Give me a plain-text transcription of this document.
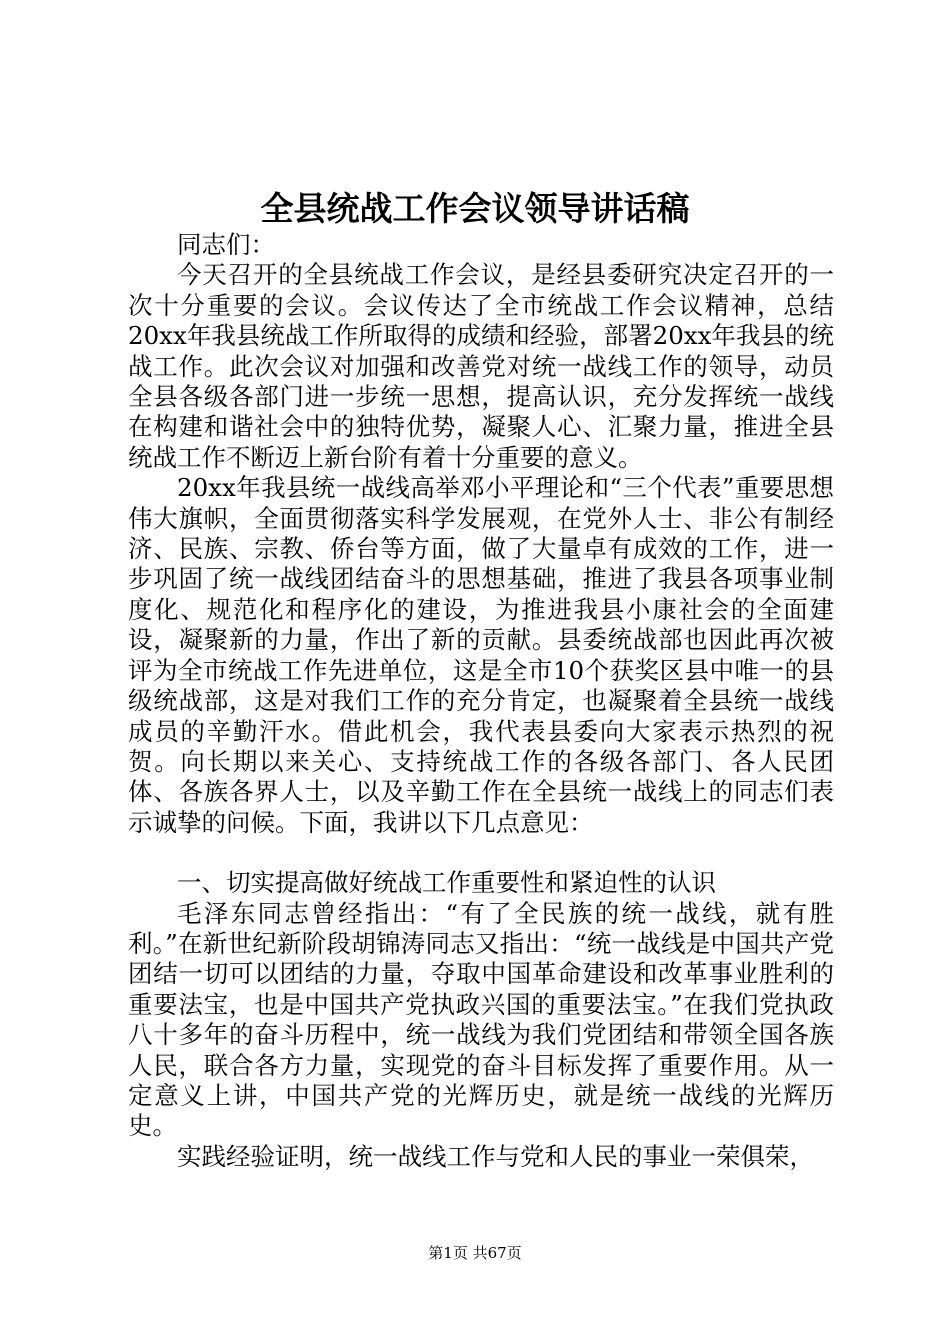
全县统战工作会议领导讲话稿

同志们：

今天召开的全县统战工作会议，是经县委研究决定召开的一次十分重要的会议。会议传达了全市统战工作会议精神，总结20xx年我县统战工作所取得的成绩和经验，部署20xx年我县的统战工作。此次会议对加强和改善党对统一战线工作的领导，动员全县各级各部门进一步统一思想，提高认识，充分发挥统一战线在构建和谐社会中的独特优势，凝聚人心、汇聚力量，推进全县统战工作不断迈上新台阶有着十分重要的意义。

20xx年我县统一战线高举邓小平理论和“三个代表”重要思想伟大旗帜，全面贯彻落实科学发展观，在党外人士、非公有制经济、民族、宗教、侨台等方面，做了大量卓有成效的工作，进一步巩固了统一战线团结奋斗的思想基础，推进了我县各项事业制度化、规范化和程序化的建设，为推进我县小康社会的全面建设，凝聚新的力量，作出了新的贡献。县委统战部也因此再次被评为全市统战工作先进单位，这是全市10个获奖区县中唯一的县级统战部，这是对我们工作的充分肯定，也凝聚着全县统一战线成员的辛勤汗水。借此机会，我代表县委向大家表示热烈的祝贺。向长期以来关心、支持统战工作的各级各部门、各人民团体、各族各界人士，以及辛勤工作在全县统一战线上的同志们表示诚挚的问候。下面，我讲以下几点意见：

一、切实提高做好统战工作重要性和紧迫性的认识

毛泽东同志曾经指出：“有了全民族的统一战线，就有胜利。”在新世纪新阶段胡锦涛同志又指出：“统一战线是中国共产党团结一切可以团结的力量，夺取中国革命建设和改革事业胜利的重要法宝，也是中国共产党执政兴国的重要法宝。”在我们党执政八十多年的奋斗历程中，统一战线为我们党团结和带领全国各族人民，联合各方力量，实现党的奋斗目标发挥了重要作用。从一定意义上讲，中国共产党的光辉历史，就是统一战线的光辉历史。

实践经验证明，统一战线工作与党和人民的事业一荣俱荣，

第1页 共67页
